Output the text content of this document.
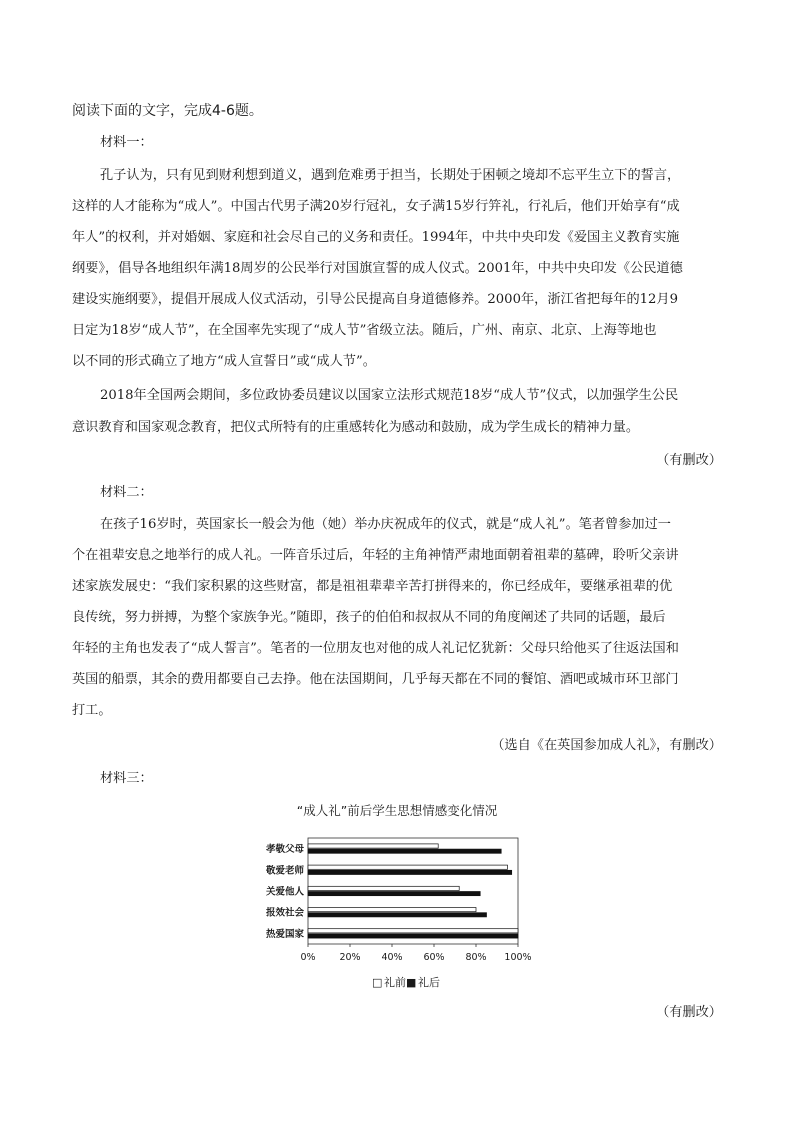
阅读下面的文字，完成4-6题。
材料一：
孔子认为，只有见到财利想到道义，遇到危难勇于担当，长期处于困顿之境却不忘平生立下的誓言，
这样的人才能称为“成人”。中国古代男子满20岁行冠礼，女子满15岁行笄礼，行礼后，他们开始享有“成
年人”的权利，并对婚姻、家庭和社会尽自己的义务和责任。1994年，中共中央印发《爱国主义教育实施
纲要》，倡导各地组织年满18周岁的公民举行对国旗宣誓的成人仪式。2001年，中共中央印发《公民道德
建设实施纲要》，提倡开展成人仪式活动，引导公民提高自身道德修养。2000年，浙江省把每年的12月9
日定为18岁“成人节”，在全国率先实现了“成人节”省级立法。随后，广州、南京、北京、上海等地也
以不同的形式确立了地方“成人宣誓日”或“成人节”。
2018年全国两会期间，多位政协委员建议以国家立法形式规范18岁“成人节”仪式，以加强学生公民
意识教育和国家观念教育，把仪式所特有的庄重感转化为感动和鼓励，成为学生成长的精神力量。
（有删改）
材料二：
在孩子16岁时，英国家长一般会为他（她）举办庆祝成年的仪式，就是“成人礼”。笔者曾参加过一
个在祖辈安息之地举行的成人礼。一阵音乐过后，年轻的主角神情严肃地面朝着祖辈的墓碑，聆听父亲讲
述家族发展史：“我们家积累的这些财富，都是祖祖辈辈辛苦打拼得来的，你已经成年，要继承祖辈的优
良传统，努力拼搏，为整个家族争光。”随即，孩子的伯伯和叔叔从不同的角度阐述了共同的话题，最后
年轻的主角也发表了“成人誓言”。笔者的一位朋友也对他的成人礼记忆犹新：父母只给他买了往返法国和
英国的船票，其余的费用都要自己去挣。他在法国期间，几乎每天都在不同的餐馆、酒吧或城市环卫部门
打工。
（选自《在英国参加成人礼》，有删改）
材料三：
“成人礼”前后学生思想情感变化情况
0%	20% 40% 60% 80% 100%
孝敬父母
敬爱老师
关爱他人
报效社会
热爱国家
□ 礼前 ■ 礼后
（有删改）
